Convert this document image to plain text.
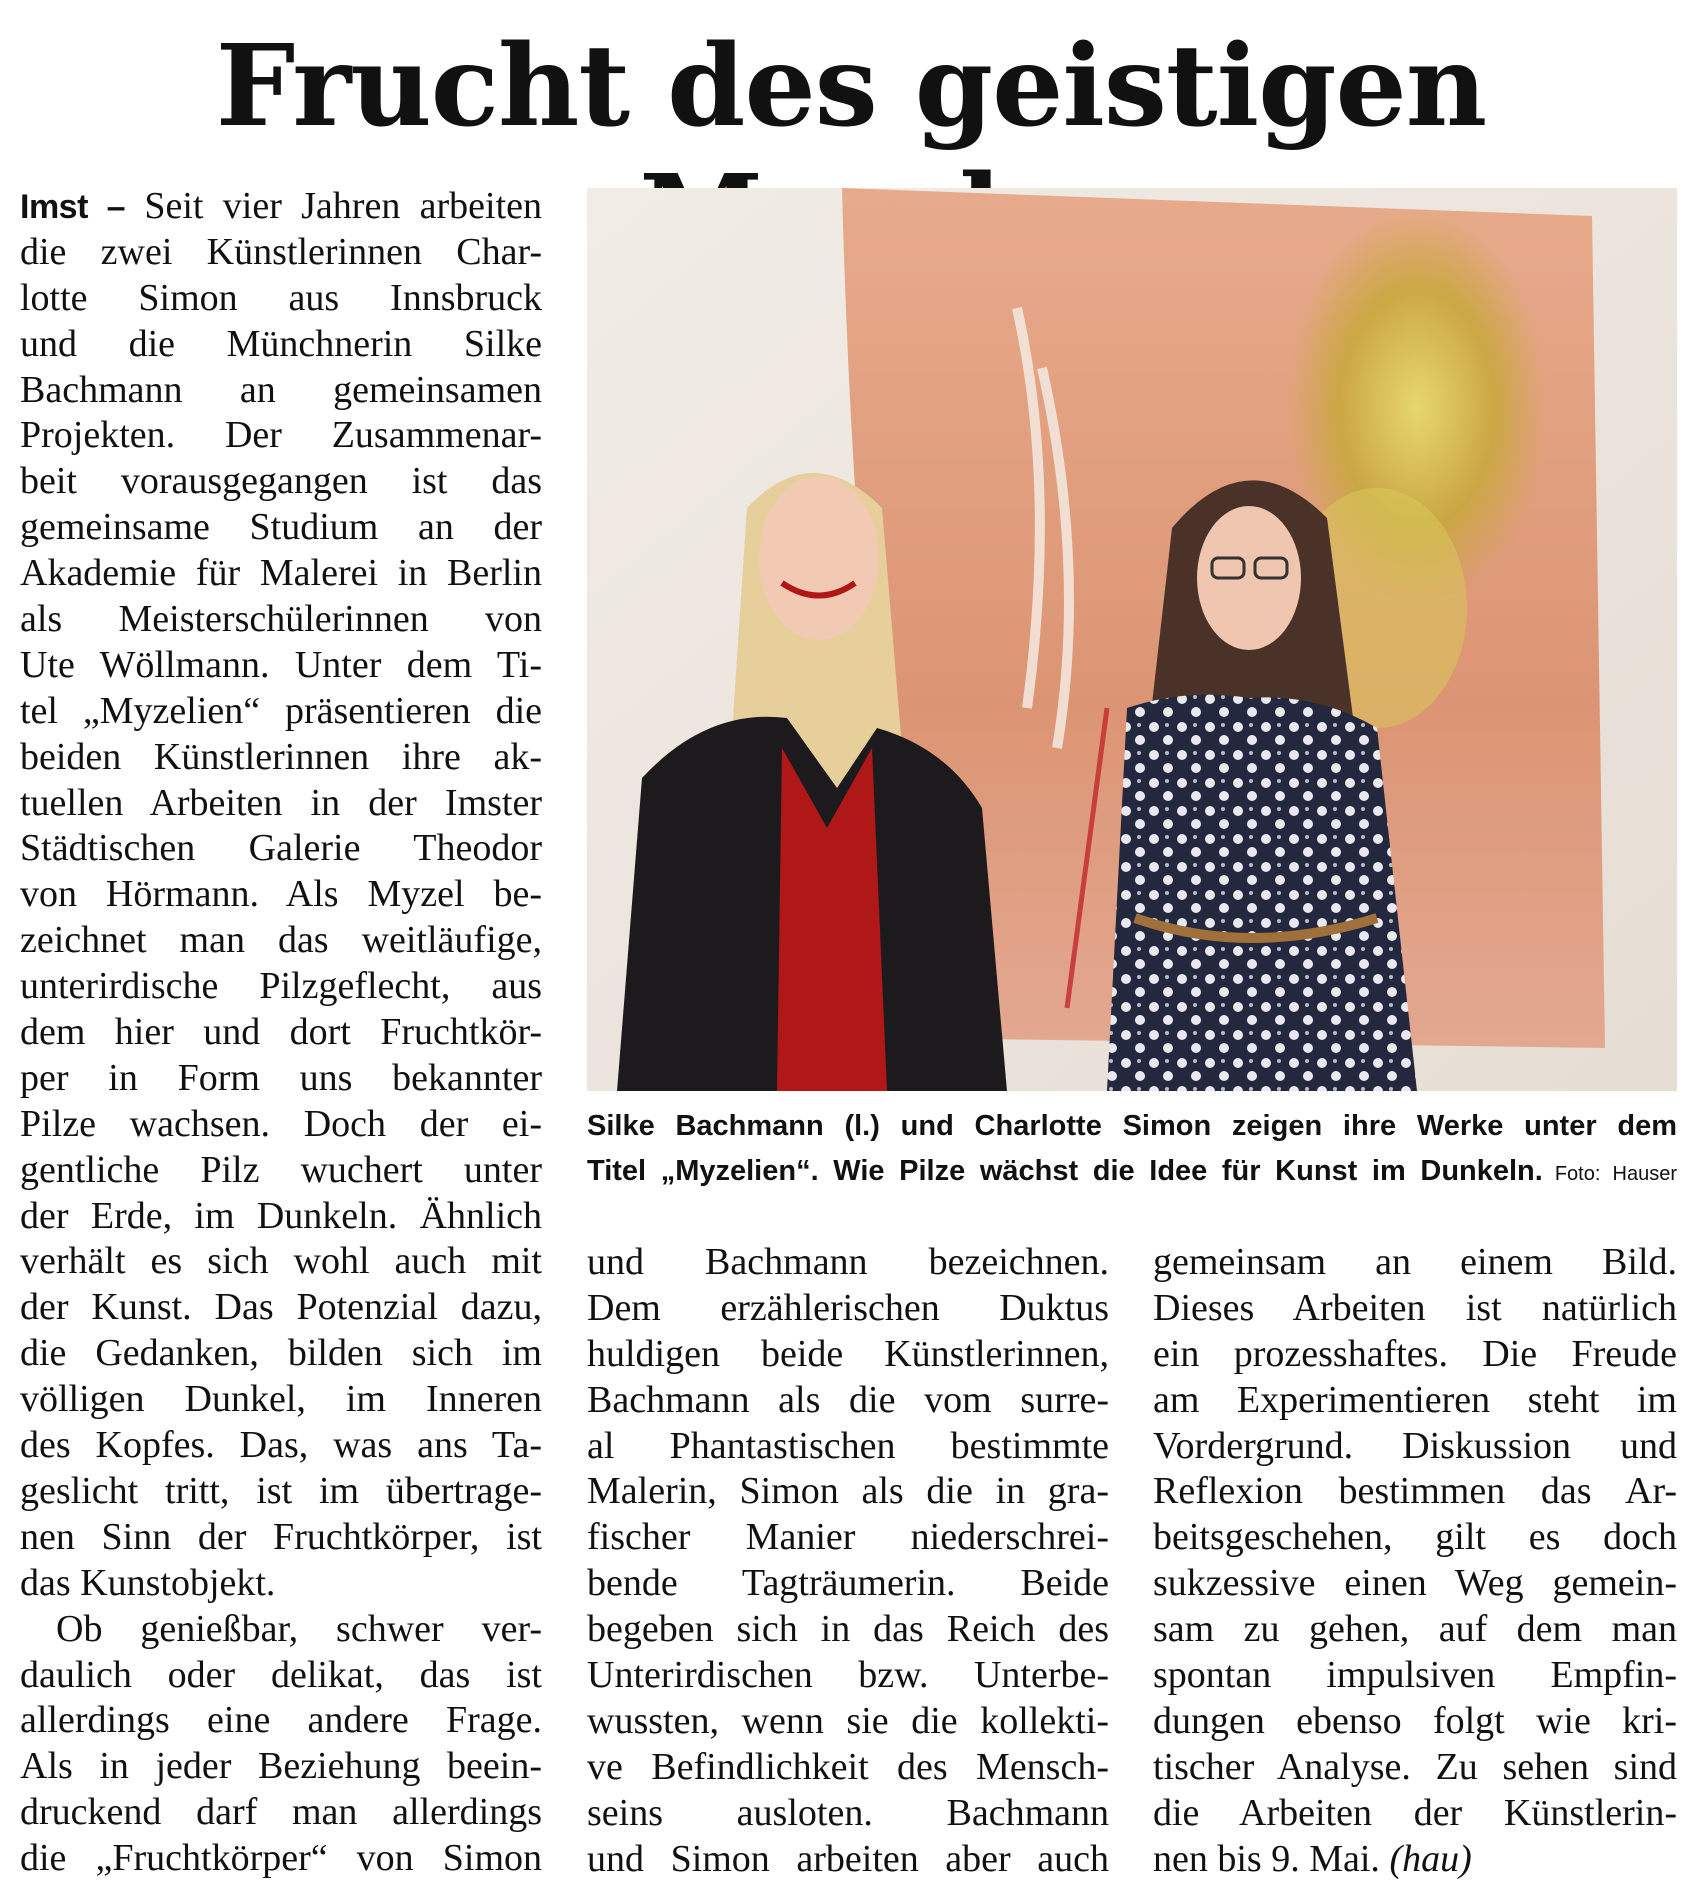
Frucht des geistigen
Imst – Seit vier Jahren arbeiten
die zwei Künstlerinnen Char-
lotte Simon aus Innsbruck
und die Münchnerin Silke
Bachmann an gemeinsamen
Projekten. Der Zusammenar-
beit vorausgegangen ist das
gemeinsame Studium an der
Akademie für Malerei in Berlin
als Meisterschülerinnen von
Ute Wöllmann. Unter dem Ti-
tel „Myzelien“ präsentieren die
beiden Künstlerinnen ihre ak-
tuellen Arbeiten in der Imster
Städtischen Galerie Theodor
von Hörmann. Als Myzel be-
zeichnet man das weitläufige,
unterirdische Pilzgeflecht, aus
dem hier und dort Fruchtkör-
per in Form uns bekannter
Pilze wachsen. Doch der ei-
gentliche Pilz wuchert unter
der Erde, im Dunkeln. Ähnlich
verhält es sich wohl auch mit
der Kunst. Das Potenzial dazu,
die Gedanken, bilden sich im
völligen Dunkel, im Inneren
des Kopfes. Das, was ans Ta-
geslicht tritt, ist im übertrage-
nen Sinn der Fruchtkörper, ist
das Kunstobjekt.
Ob genießbar, schwer ver-
daulich oder delikat, das ist
allerdings eine andere Frage.
Als in jeder Beziehung beein-
druckend darf man allerdings
die „Fruchtkörper“ von Simon
Silke Bachmann (l.) und Charlotte Simon zeigen ihre Werke unter dem
Titel „Myzelien“. Wie Pilze wächst die Idee für Kunst im Dunkeln. Foto: Hauser
und Bachmann bezeichnen.
Dem erzählerischen Duktus
huldigen beide Künstlerinnen,
Bachmann als die vom surre-
al Phantastischen bestimmte
Malerin, Simon als die in gra-
fischer Manier niederschrei-
bende Tagträumerin. Beide
begeben sich in das Reich des
Unterirdischen bzw. Unterbe-
wussten, wenn sie die kollekti-
ve Befindlichkeit des Mensch-
seins ausloten. Bachmann
und Simon arbeiten aber auch
gemeinsam an einem Bild.
Dieses Arbeiten ist natürlich
ein prozesshaftes. Die Freude
am Experimentieren steht im
Vordergrund. Diskussion und
Reflexion bestimmen das Ar-
beitsgeschehen, gilt es doch
sukzessive einen Weg gemein-
sam zu gehen, auf dem man
spontan impulsiven Empfin-
dungen ebenso folgt wie kri-
tischer Analyse. Zu sehen sind
die Arbeiten der Künstlerin-
nen bis 9. Mai. (hau)
